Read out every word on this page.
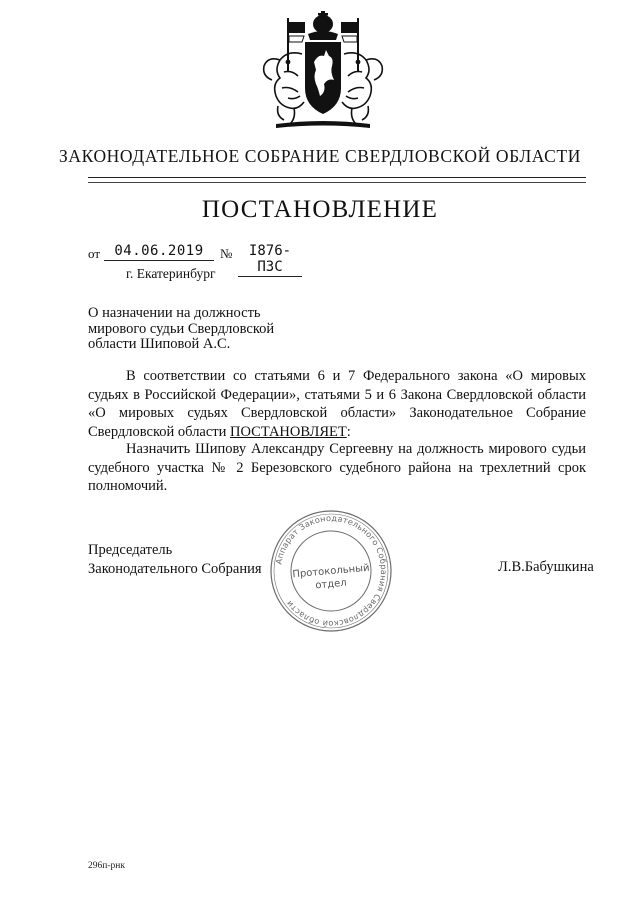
ЗАКОНОДАТЕЛЬНОЕ СОБРАНИЕ СВЕРДЛОВСКОЙ ОБЛАСТИ
ПОСТАНОВЛЕНИЕ
от	04.06.2019	№	I876-ПЗС
г. Екатеринбург
О назначении на должность
мирового судьи Свердловской
области Шиповой А.С.
В соответствии со статьями 6 и 7 Федерального закона «О мировых судьях в Российской Федерации», статьями 5 и 6 Закона Свердловской области «О мировых судьях Свердловской области» Законодательное Собрание Свердловской области ПОСТАНОВЛЯЕТ:
Назначить Шипову Александру Сергеевну на должность мирового судьи судебного участка № 2 Березовского судебного района на трехлетний срок полномочий.
Председатель
Законодательного Собрания	Л.В.Бабушкина
Аппарат Законодательного Собрания Свердловской области
Протокольный
отдел
296п-рнк
